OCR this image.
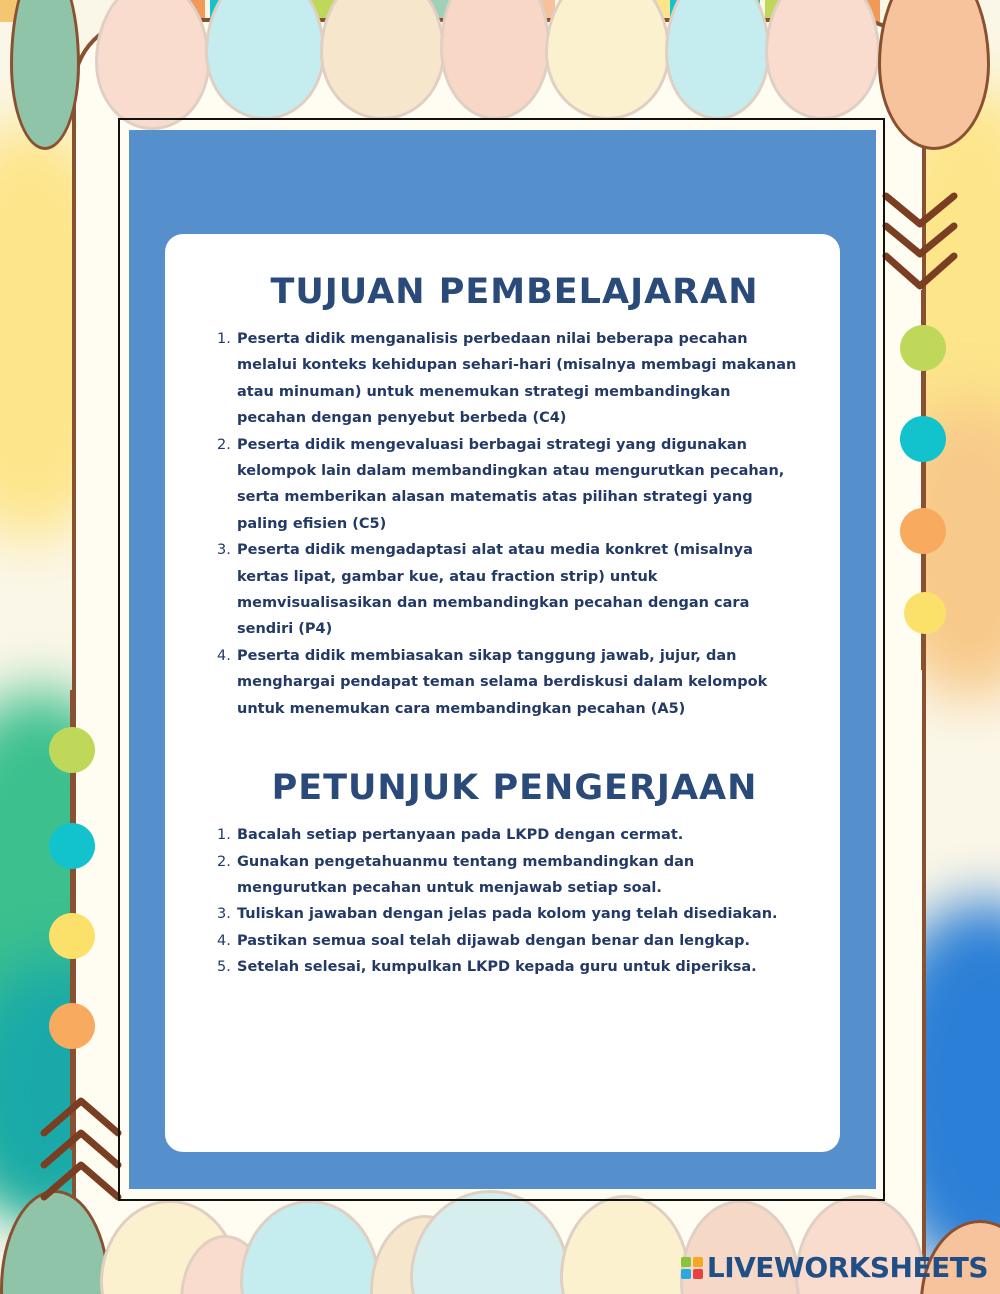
TUJUAN PEMBELAJARAN
1. Peserta didik menganalisis perbedaan nilai beberapa pecahan melalui konteks kehidupan sehari-hari (misalnya membagi makanan atau minuman) untuk menemukan strategi membandingkan pecahan dengan penyebut berbeda (C4)
2. Peserta didik mengevaluasi berbagai strategi yang digunakan kelompok lain dalam membandingkan atau mengurutkan pecahan, serta memberikan alasan matematis atas pilihan strategi yang paling efisien (C5)
3. Peserta didik mengadaptasi alat atau media konkret (misalnya kertas lipat, gambar kue, atau fraction strip) untuk memvisualisasikan dan membandingkan pecahan dengan cara sendiri (P4)
4. Peserta didik membiasakan sikap tanggung jawab, jujur, dan menghargai pendapat teman selama berdiskusi dalam kelompok untuk menemukan cara membandingkan pecahan (A5)
PETUNJUK PENGERJAAN
1. Bacalah setiap pertanyaan pada LKPD dengan cermat.
2. Gunakan pengetahuanmu tentang membandingkan dan mengurutkan pecahan untuk menjawab setiap soal.
3. Tuliskan jawaban dengan jelas pada kolom yang telah disediakan.
4. Pastikan semua soal telah dijawab dengan benar dan lengkap.
5. Setelah selesai, kumpulkan LKPD kepada guru untuk diperiksa.
LIVEWORKSHEETS
